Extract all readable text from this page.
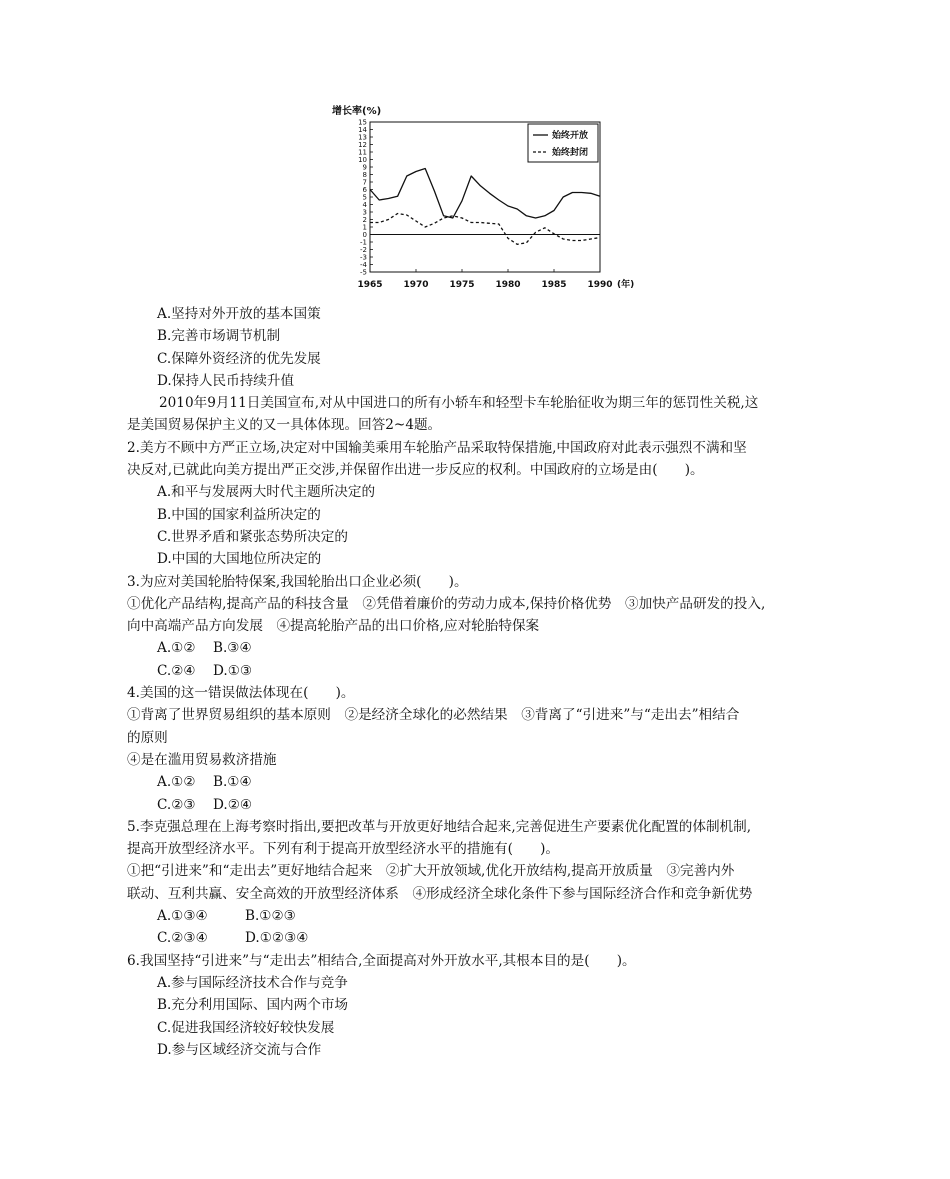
增长率(%)
15
14
13
12
11
10
9
8
7
6
5
4
3
2
1
0
-1
-2
-3
-4
-5
1965 1970 1975 1980 1985 1990
始终开放
始终封闭
(年)
A.坚持对外开放的基本国策
B.完善市场调节机制
C.保障外资经济的优先发展
D.保持人民币持续升值
2010年9月11日美国宣布,对从中国进口的所有小轿车和轻型卡车轮胎征收为期三年的惩罚性关税,这
是美国贸易保护主义的又一具体体现。回答2~4题。
2.美方不顾中方严正立场,决定对中国输美乘用车轮胎产品采取特保措施,中国政府对此表示强烈不满和坚
决反对,已就此向美方提出严正交涉,并保留作出进一步反应的权利。中国政府的立场是由(　　)。
A.和平与发展两大时代主题所决定的
B.中国的国家利益所决定的
C.世界矛盾和紧张态势所决定的
D.中国的大国地位所决定的
3.为应对美国轮胎特保案,我国轮胎出口企业必须(　　)。
①优化产品结构,提高产品的科技含量　②凭借着廉价的劳动力成本,保持价格优势　③加快产品研发的投入,
向中高端产品方向发展　④提高轮胎产品的出口价格,应对轮胎特保案
A.①② B.③④
C.②④ D.①③
4.美国的这一错误做法体现在(　　)。
①背离了世界贸易组织的基本原则　②是经济全球化的必然结果　③背离了“引进来”与“走出去”相结合
的原则
④是在滥用贸易救济措施
A.①② B.①④
C.②③ D.②④
5.李克强总理在上海考察时指出,要把改革与开放更好地结合起来,完善促进生产要素优化配置的体制机制,
提高开放型经济水平。下列有利于提高开放型经济水平的措施有(　　)。
①把“引进来”和“走出去”更好地结合起来　②扩大开放领域,优化开放结构,提高开放质量　③完善内外
联动、互利共赢、安全高效的开放型经济体系　④形成经济全球化条件下参与国际经济合作和竞争新优势
A.①③④	B.①②③
C.②③④	D.①②③④
6.我国坚持“引进来”与“走出去”相结合,全面提高对外开放水平,其根本目的是(　　)。
A.参与国际经济技术合作与竞争
B.充分利用国际、国内两个市场
C.促进我国经济较好较快发展
D.参与区域经济交流与合作
